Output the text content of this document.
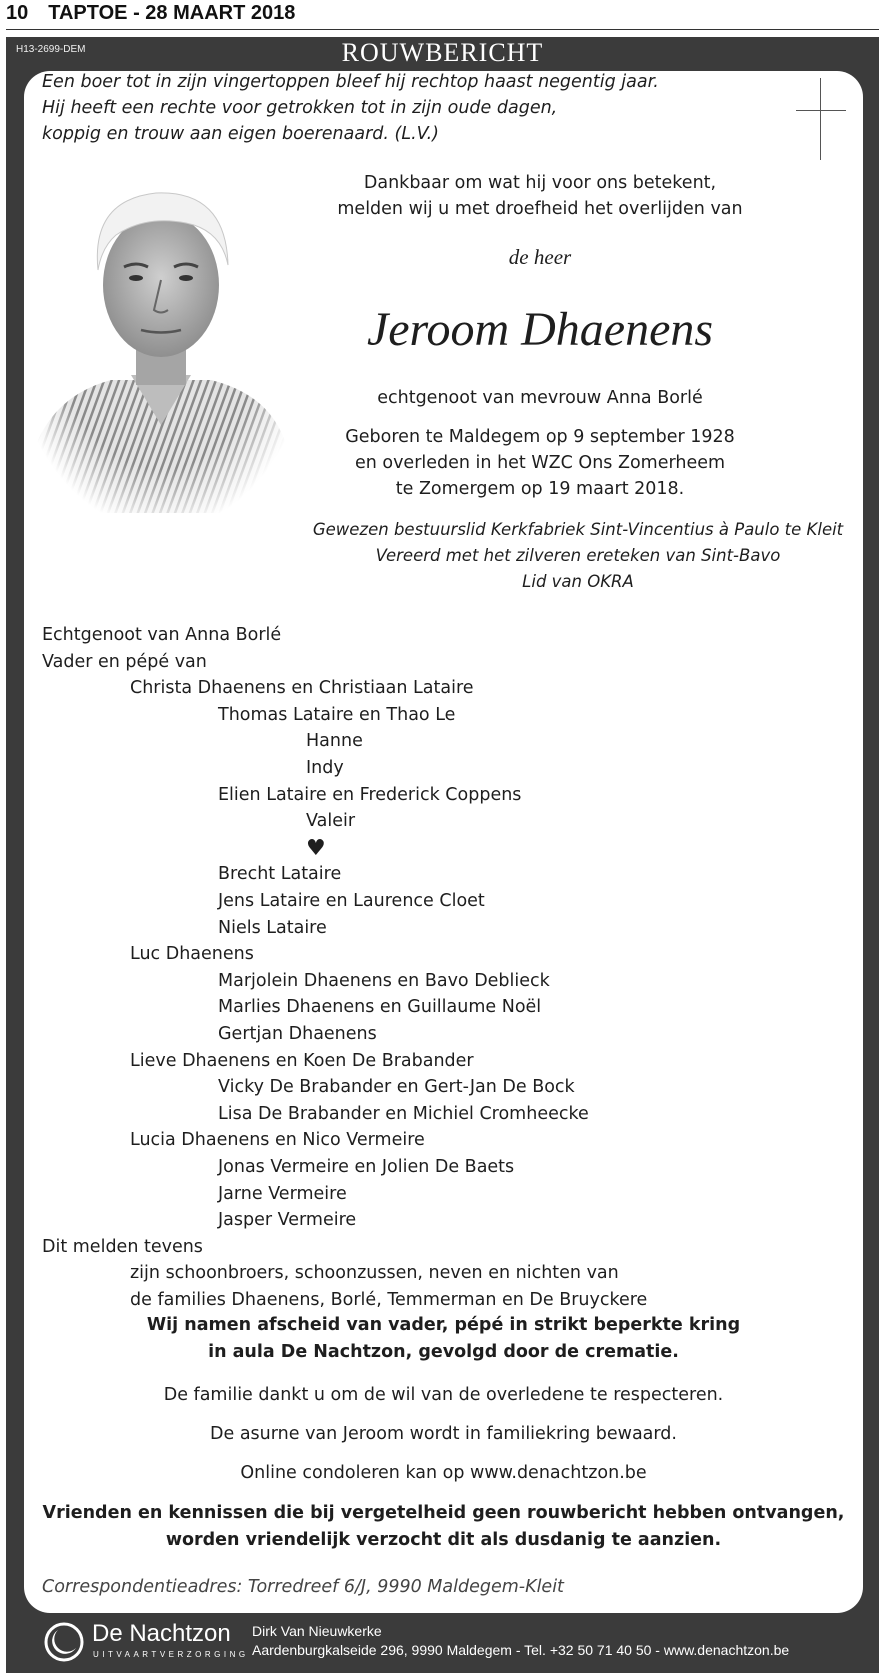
10 TAPTOE - 28 MAART 2018
H13-2699-DEM	ROUWBERICHT
Een boer tot in zijn vingertoppen bleef hij rechtop haast negentig jaar.
Hij heeft een rechte voor getrokken tot in zijn oude dagen,
koppig en trouw aan eigen boerenaard. (L.V.)
Dankbaar om wat hij voor ons betekent,
melden wij u met droefheid het overlijden van
de heer
Jeroom Dhaenens
echtgenoot van mevrouw Anna Borlé
Geboren te Maldegem op 9 september 1928
en overleden in het WZC Ons Zomerheem
te Zomergem op 19 maart 2018.
Gewezen bestuurslid Kerkfabriek Sint-Vincentius à Paulo te Kleit
Vereerd met het zilveren ereteken van Sint-Bavo
Lid van OKRA
Echtgenoot van Anna Borlé
Vader en pépé van
Christa Dhaenens en Christiaan Lataire
Thomas Lataire en Thao Le
Hanne
Indy
Elien Lataire en Frederick Coppens
Valeir
♥
Brecht Lataire
Jens Lataire en Laurence Cloet
Niels Lataire
Luc Dhaenens
Marjolein Dhaenens en Bavo Deblieck
Marlies Dhaenens en Guillaume Noël
Gertjan Dhaenens
Lieve Dhaenens en Koen De Brabander
Vicky De Brabander en Gert-Jan De Bock
Lisa De Brabander en Michiel Cromheecke
Lucia Dhaenens en Nico Vermeire
Jonas Vermeire en Jolien De Baets
Jarne Vermeire
Jasper Vermeire
Dit melden tevens
zijn schoonbroers, schoonzussen, neven en nichten van
de families Dhaenens, Borlé, Temmerman en De Bruyckere
Wij namen afscheid van vader, pépé in strikt beperkte kring
in aula De Nachtzon, gevolgd door de crematie.
De familie dankt u om de wil van de overledene te respecteren.
De asurne van Jeroom wordt in familiekring bewaard.
Online condoleren kan op www.denachtzon.be
Vrienden en kennissen die bij vergetelheid geen rouwbericht hebben ontvangen,
worden vriendelijk verzocht dit als dusdanig te aanzien.
Correspondentieadres: Torredreef 6/J, 9990 Maldegem-Kleit
De Nachtzon
UITVAARTVERZORGING
Dirk Van Nieuwkerke
Aardenburgkalseide 296, 9990 Maldegem - Tel. +32 50 71 40 50 - www.denachtzon.be
